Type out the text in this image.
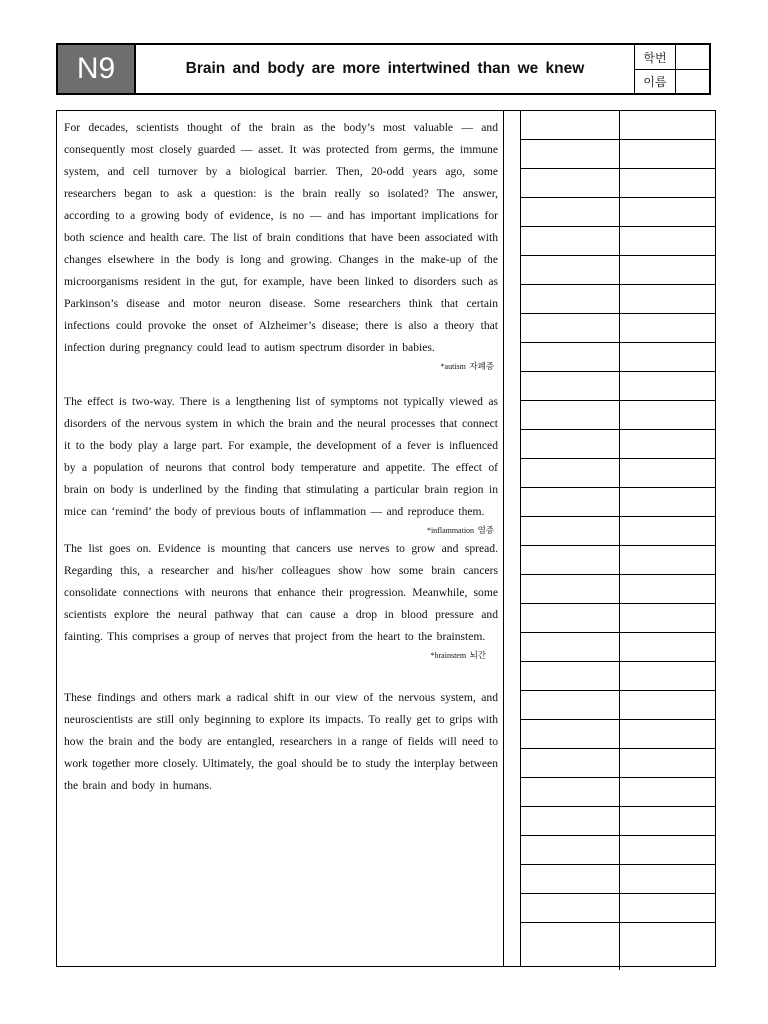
N9	Brain and body are more intertwined than we knew
학번
이름

For decades, scientists thought of the brain as the body’s most valuable — and consequently most closely guarded — asset. It was protected from germs, the immune system, and cell turnover by a biological barrier. Then, 20-odd years ago, some researchers began to ask a question: is the brain really so isolated? The answer, according to a growing body of evidence, is no — and has important implications for both science and health care. The list of brain conditions that have been associated with changes elsewhere in the body is long and growing. Changes in the make-up of the microorganisms resident in the gut, for example, have been linked to disorders such as Parkinson’s disease and motor neuron disease. Some researchers think that certain infections could provoke the onset of Alzheimer’s disease; there is also a theory that infection during pregnancy could lead to autism spectrum disorder in babies.

*autism 자폐증

The effect is two-way. There is a lengthening list of symptoms not typically viewed as disorders of the nervous system in which the brain and the neural processes that connect it to the body play a large part. For example, the development of a fever is influenced by a population of neurons that control body temperature and appetite. The effect of brain on body is underlined by the finding that stimulating a particular brain region in mice can ‘remind’ the body of previous bouts of inflammation — and reproduce them.

*inflammation 염증

The list goes on. Evidence is mounting that cancers use nerves to grow and spread. Regarding this, a researcher and his/her colleagues show how some brain cancers consolidate connections with neurons that enhance their progression. Meanwhile, some scientists explore the neural pathway that can cause a drop in blood pressure and fainting. This comprises a group of nerves that project from the heart to the brainstem.

*brainstem 뇌간

These findings and others mark a radical shift in our view of the nervous system, and neuroscientists are still only beginning to explore its impacts. To really get to grips with how the brain and the body are entangled, researchers in a range of fields will need to work together more closely. Ultimately, the goal should be to study the interplay between the brain and body in humans.
